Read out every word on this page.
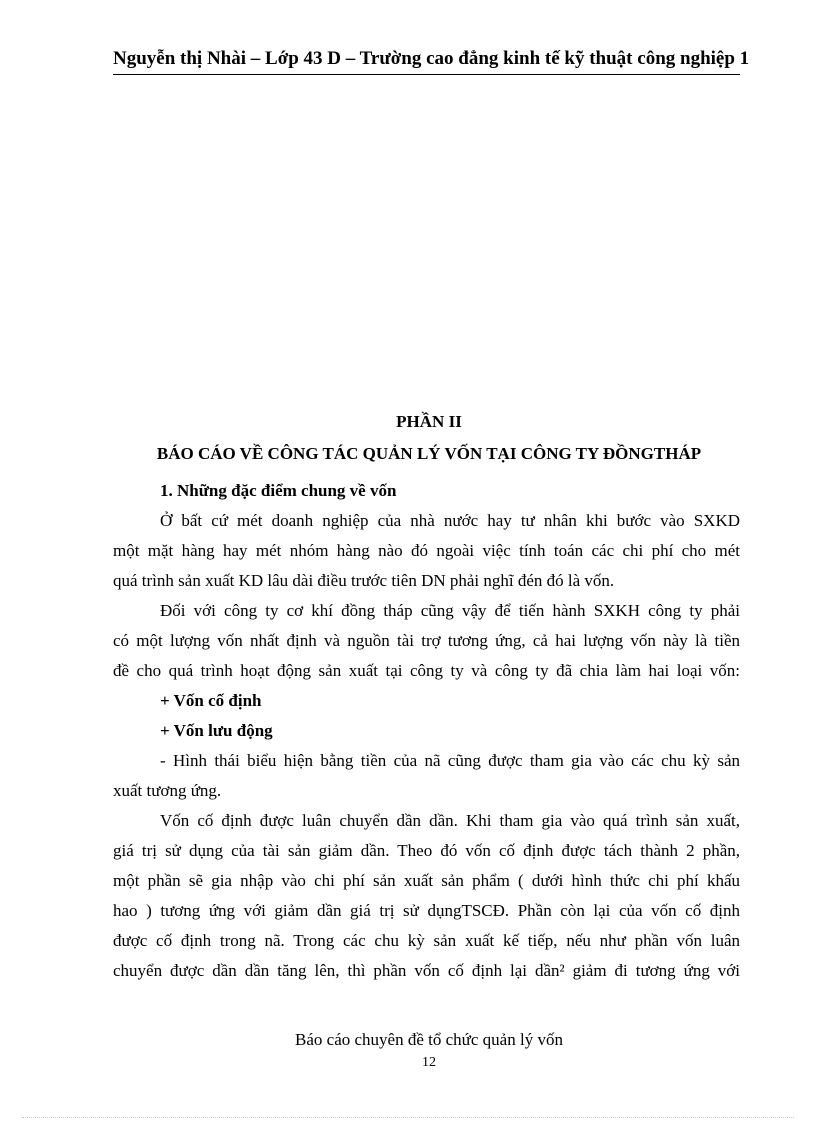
Nguyễn thị Nhài – Lớp 43 D – Trường cao đẳng kinh tế kỹ thuật công nghiệp 1
PHẦN II
BÁO CÁO VỀ CÔNG TÁC QUẢN LÝ VỐN TẠI CÔNG TY ĐỒNGTHÁP
1. Những đặc điểm chung về vốn
Ở bất cứ mét doanh nghiệp của nhà nước hay tư nhân khi bước vào SXKD
một mặt hàng hay mét nhóm hàng nào đó ngoài việc tính toán các chi phí cho mét
quá trình sản xuất KD lâu dài điều trước tiên DN phải nghĩ đén đó là vốn.
Đối với công ty cơ khí đồng tháp cũng vậy để tiến hành SXKH công ty phải
có một lượng vốn nhất định và nguồn tài trợ tương ứng, cả hai lượng vốn này là tiền
đề cho quá trình hoạt động sản xuất tại công ty và công ty đã chia làm hai loại vốn:
+ Vốn cố định
+ Vốn lưu động
- Hình thái biểu hiện bằng tiền của nã cũng được tham gia vào các chu kỳ sản
xuất tương ứng.
Vốn cố định được luân chuyển dần dần. Khi tham gia vào quá trình sản xuất,
giá trị sử dụng của tài sản giảm dần. Theo đó vốn cố định được tách thành 2 phần,
một phần sẽ gia nhập vào chi phí sản xuất sản phẩm ( dưới hình thức chi phí khấu
hao ) tương ứng với giảm dần giá trị sử dụngTSCĐ. Phần còn lại của vốn cố định
được cố định trong nã. Trong các chu kỳ sản xuất kế tiếp, nếu như phần vốn luân
chuyển được dần dần tăng lên, thì phần vốn cố định lại dần² giảm đi tương ứng với
Báo cáo chuyên đề tổ chức quản lý vốn
12
